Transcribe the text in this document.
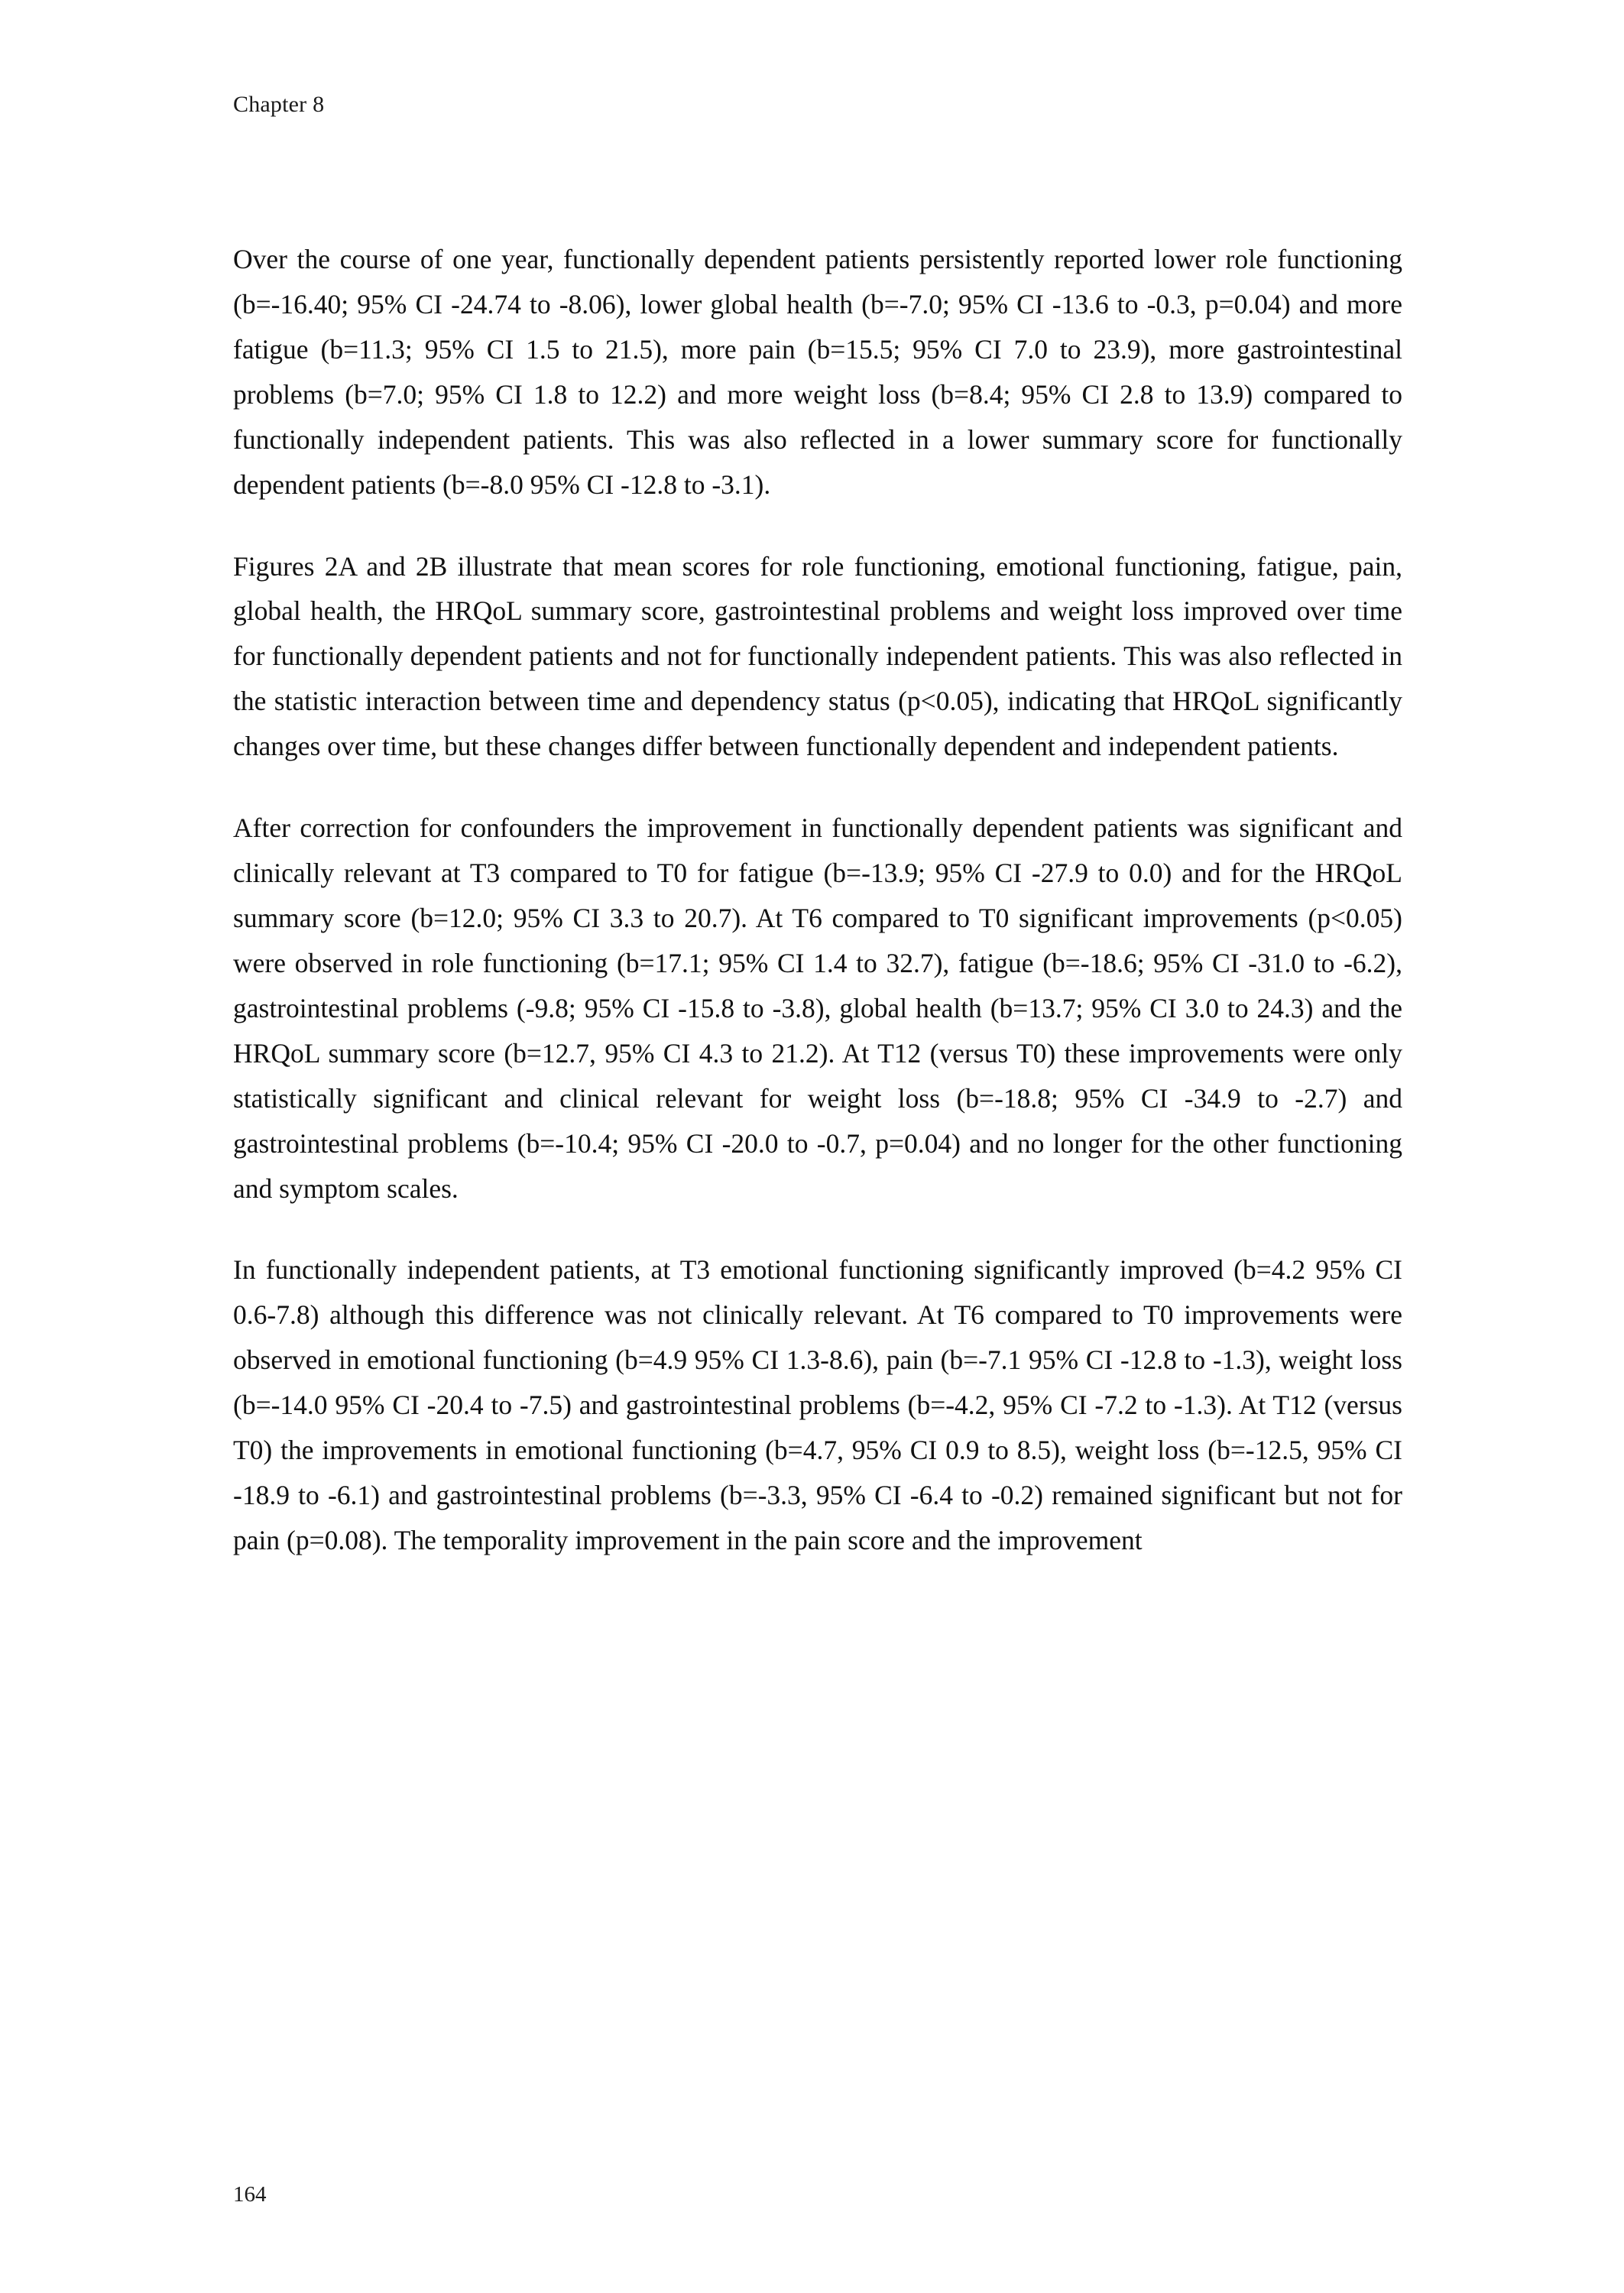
Chapter 8

Over the course of one year, functionally dependent patients persistently reported lower role functioning (b=-16.40; 95% CI -24.74 to -8.06), lower global health (b=-7.0; 95% CI -13.6 to -0.3, p=0.04) and more fatigue (b=11.3; 95% CI 1.5 to 21.5), more pain (b=15.5; 95% CI 7.0 to 23.9), more gastrointestinal problems (b=7.0; 95% CI 1.8 to 12.2) and more weight loss (b=8.4; 95% CI 2.8 to 13.9) compared to functionally independent patients. This was also reflected in a lower summary score for functionally dependent patients (b=-8.0 95% CI -12.8 to -3.1).

Figures 2A and 2B illustrate that mean scores for role functioning, emotional functioning, fatigue, pain, global health, the HRQoL summary score, gastrointestinal problems and weight loss improved over time for functionally dependent patients and not for functionally independent patients. This was also reflected in the statistic interaction between time and dependency status (p<0.05), indicating that HRQoL significantly changes over time, but these changes differ between functionally dependent and independent patients.

After correction for confounders the improvement in functionally dependent patients was significant and clinically relevant at T3 compared to T0 for fatigue (b=-13.9; 95% CI -27.9 to 0.0) and for the HRQoL summary score (b=12.0; 95% CI 3.3 to 20.7). At T6 compared to T0 significant improvements (p<0.05) were observed in role functioning (b=17.1; 95% CI 1.4 to 32.7), fatigue (b=-18.6; 95% CI -31.0 to -6.2), gastrointestinal problems (-9.8; 95% CI -15.8 to -3.8), global health (b=13.7; 95% CI 3.0 to 24.3) and the HRQoL summary score (b=12.7, 95% CI 4.3 to 21.2). At T12 (versus T0) these improvements were only statistically significant and clinical relevant for weight loss (b=-18.8; 95% CI -34.9 to -2.7) and gastrointestinal problems (b=-10.4; 95% CI -20.0 to -0.7, p=0.04) and no longer for the other functioning and symptom scales.

In functionally independent patients, at T3 emotional functioning significantly improved (b=4.2 95% CI 0.6-7.8) although this difference was not clinically relevant. At T6 compared to T0 improvements were observed in emotional functioning (b=4.9 95% CI 1.3-8.6), pain (b=-7.1 95% CI -12.8 to -1.3), weight loss (b=-14.0 95% CI -20.4 to -7.5) and gastrointestinal problems (b=-4.2, 95% CI -7.2 to -1.3). At T12 (versus T0) the improvements in emotional functioning (b=4.7, 95% CI 0.9 to 8.5), weight loss (b=-12.5, 95% CI -18.9 to -6.1) and gastrointestinal problems (b=-3.3, 95% CI -6.4 to -0.2) remained significant but not for pain (p=0.08). The temporality improvement in the pain score and the improvement

164
